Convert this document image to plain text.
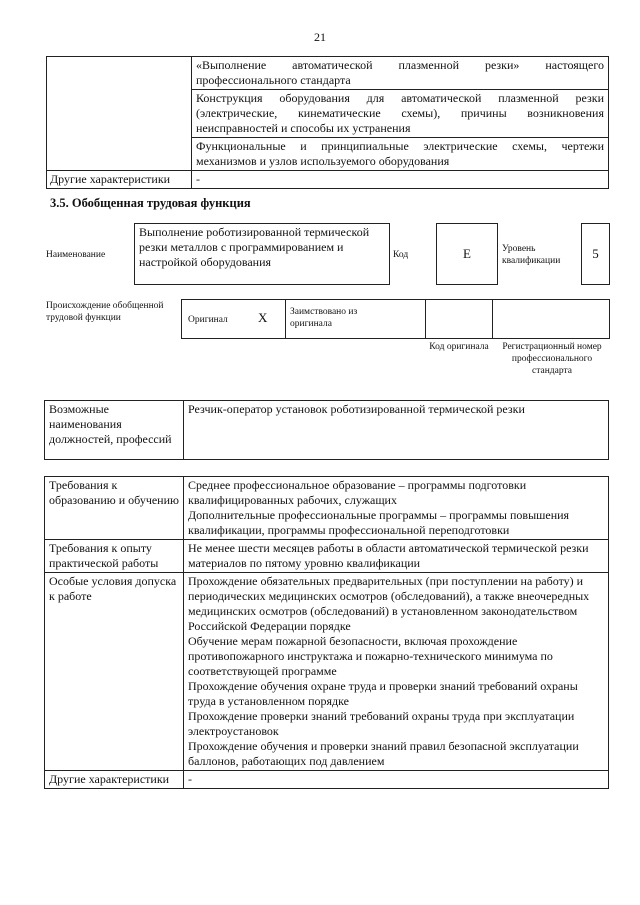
21
	«Выполнение автоматической плазменной резки» настоящего профессионального стандарта
	Конструкция оборудования для автоматической плазменной резки (электрические, кинематические схемы), причины возникновения неисправностей и способы их устранения
	Функциональные и принципиальные электрические схемы, чертежи механизмов и узлов используемого оборудования
Другие характеристики	-
3.5. Обобщенная трудовая функция
Наименование
Выполнение роботизированной термической резки металлов с программированием и настройкой оборудования	Код	E	Уровень квалификации	5
Происхождение обобщенной трудовой функции	Оригинал X Заимствовано из оригинала
Код оригинала	Регистрационный номер профессионального стандарта
Возможные наименования должностей, профессий	Резчик-оператор установок роботизированной термической резки
Требования к образованию и обучению	Среднее профессиональное образование – программы подготовки квалифицированных рабочих, служащих
Дополнительные профессиональные программы – программы повышения квалификации, программы профессиональной переподготовки

Требования к опыту практической работы	Не менее шести месяцев работы в области автоматической термической резки материалов по пятому уровню квалификации
Особые условия допуска к работе	Прохождение обязательных предварительных (при поступлении на работу) и периодических медицинских осмотров (обследований), а также внеочередных медицинских осмотров (обследований) в установленном законодательством Российской Федерации порядке
Обучение мерам пожарной безопасности, включая прохождение противопожарного инструктажа и пожарно-технического минимума по соответствующей программе
Прохождение обучения охране труда и проверки знаний требований охраны труда в установленном порядке
Прохождение проверки знаний требований охраны труда при эксплуатации электроустановок
Прохождение обучения и проверки знаний правил безопасной эксплуатации баллонов, работающих под давлением

Другие характеристики	-
